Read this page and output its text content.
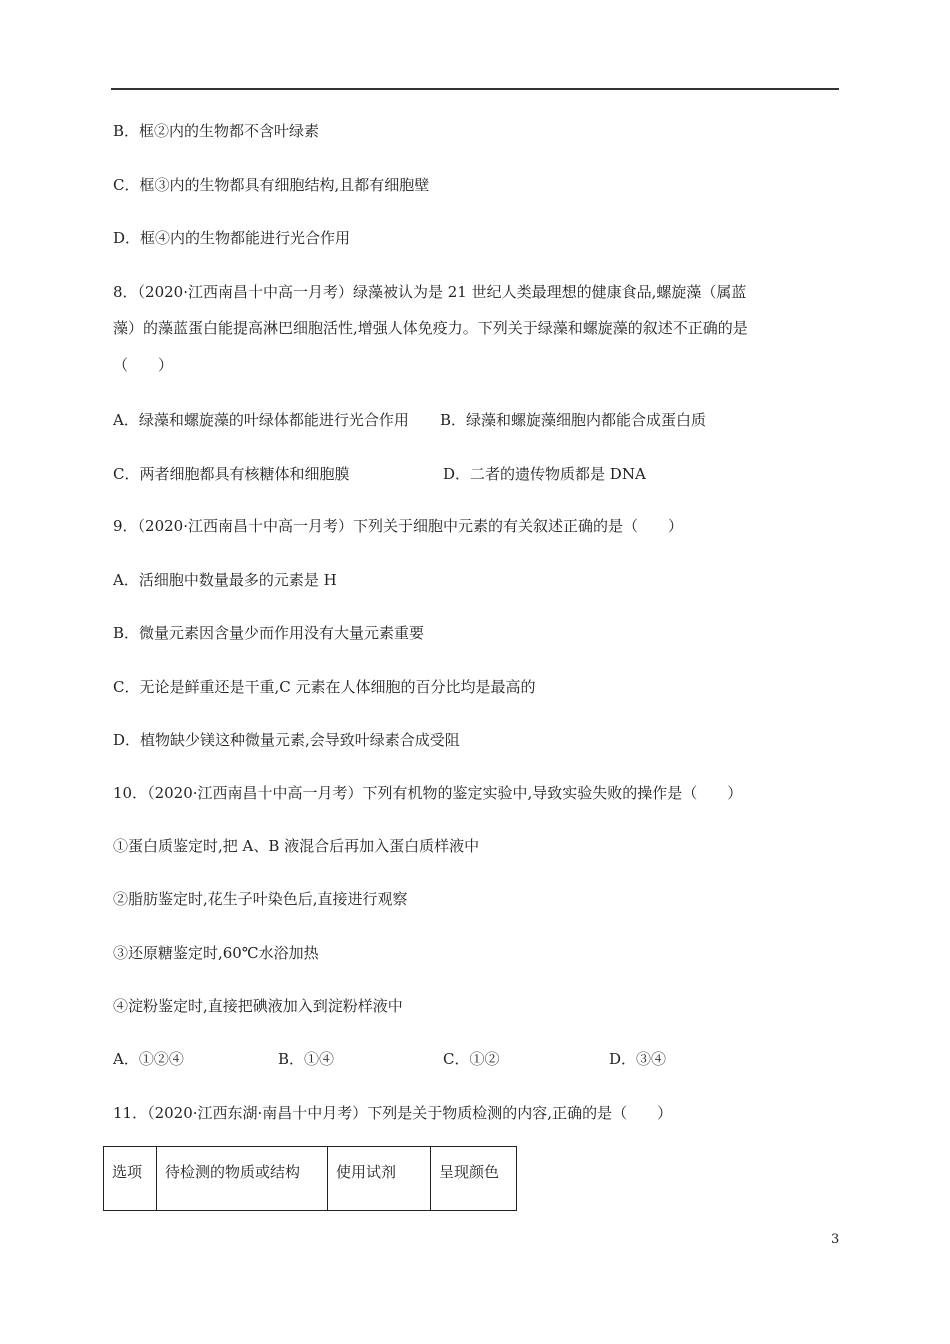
B．框②内的生物都不含叶绿素
C．框③内的生物都具有细胞结构,且都有细胞壁
D．框④内的生物都能进行光合作用
8．（2020·江西南昌十中高一月考）绿藻被认为是 21 世纪人类最理想的健康食品,螺旋藻（属蓝
藻）的藻蓝蛋白能提高淋巴细胞活性,增强人体免疫力。下列关于绿藻和螺旋藻的叙述不正确的是
（　　）
A．绿藻和螺旋藻的叶绿体都能进行光合作用 B．绿藻和螺旋藻细胞内都能合成蛋白质
C．两者细胞都具有核糖体和细胞膜	D．二者的遗传物质都是 DNA
9．（2020·江西南昌十中高一月考）下列关于细胞中元素的有关叙述正确的是（　　）
A．活细胞中数量最多的元素是 H
B．微量元素因含量少而作用没有大量元素重要
C．无论是鲜重还是干重,C 元素在人体细胞的百分比均是最高的
D．植物缺少镁这种微量元素,会导致叶绿素合成受阻
10．（2020·江西南昌十中高一月考）下列有机物的鉴定实验中,导致实验失败的操作是（　　）
①蛋白质鉴定时,把 A、B 液混合后再加入蛋白质样液中
②脂肪鉴定时,花生子叶染色后,直接进行观察
③还原糖鉴定时,60℃水浴加热
④淀粉鉴定时,直接把碘液加入到淀粉样液中
A．①②④	B．①④	C．①②	D．③④
11．（2020·江西东湖·南昌十中月考）下列是关于物质检测的内容,正确的是（　　）
选项	待检测的物质或结构	使用试剂	呈现颜色
3
